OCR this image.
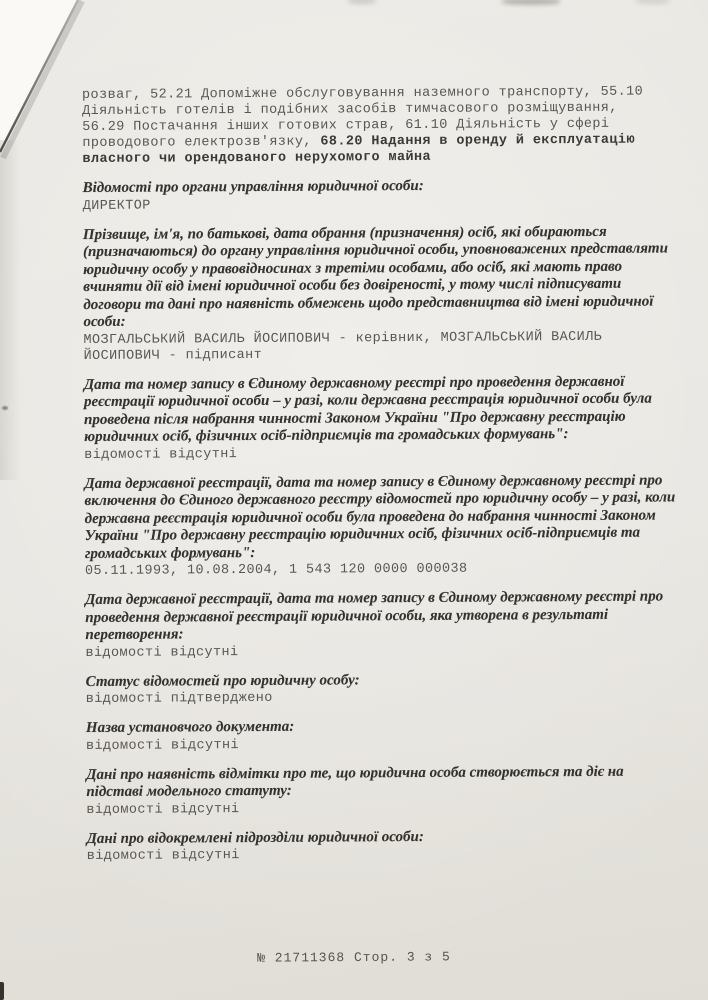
розваг, 52.21 Допоміжне обслуговування наземного транспорту, 55.10
Діяльність готелів і подібних засобів тимчасового розміщування,
56.29 Постачання інших готових страв, 61.10 Діяльність у сфері
проводового електрозв'язку, 68.20 Надання в оренду й експлуатацію
власного чи орендованого нерухомого майна

Відомості про органи управління юридичної особи:

ДИРЕКТОР

Прізвище, ім'я, по батькові, дата обрання (призначення) осіб, які обираються
(призначаються) до органу управління юридичної особи, уповноважених представляти
юридичну особу у правовідносинах з третіми особами, або осіб, які мають право
вчиняти дії від імені юридичної особи без довіреності, у тому числі підписувати
договори та дані про наявність обмежень щодо представництва від імені юридичної
особи:

МОЗГАЛЬСЬКИЙ ВАСИЛЬ ЙОСИПОВИЧ - керівник, МОЗГАЛЬСЬКИЙ ВАСИЛЬ
ЙОСИПОВИЧ - підписант

Дата та номер запису в Єдиному державному реєстрі про проведення державної
реєстрації юридичної особи – у разі, коли державна реєстрація юридичної особи була
проведена після набрання чинності Законом України "Про державну реєстрацію
юридичних осіб, фізичних осіб-підприємців та громадських формувань":

відомості відсутні

Дата державної реєстрації, дата та номер запису в Єдиному державному реєстрі про
включення до Єдиного державного реєстру відомостей про юридичну особу – у разі, коли
державна реєстрація юридичної особи була проведена до набрання чинності Законом
України "Про державну реєстрацію юридичних осіб, фізичних осіб-підприємців та
громадських формувань":

05.11.1993, 10.08.2004, 1 543 120 0000 000038

Дата державної реєстрації, дата та номер запису в Єдиному державному реєстрі про
проведення державної реєстрації юридичної особи, яка утворена в результаті
перетворення:

відомості відсутні

Статус відомостей про юридичну особу:

відомості підтверджено

Назва установчого документа:

відомості відсутні

Дані про наявність відмітки про те, що юридична особа створюється та діє на
підставі модельного статуту:

відомості відсутні

Дані про відокремлені підрозділи юридичної особи:

відомості відсутні

№ 21711368 Стор. 3 з 5
